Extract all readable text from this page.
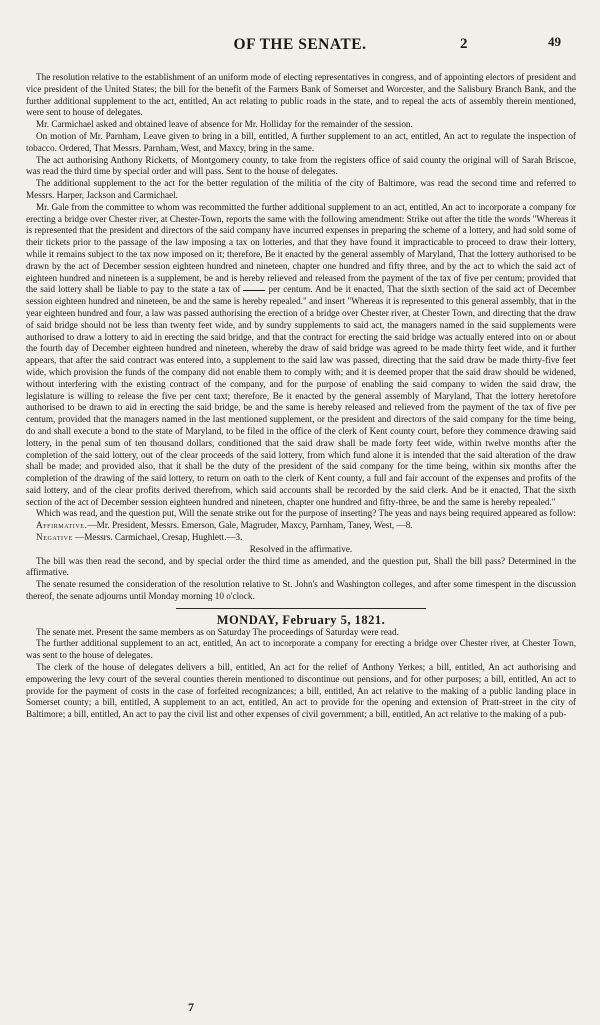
OF THE SENATE.	2	49

The resolution relative to the establishment of an uniform mode of electing representatives in congress, and of appointing electors of president and vice president of the United States; the bill for the benefit of the Farmers Bank of Somerset and Worcester, and the Salisbury Branch Bank, and the further additional supplement to the act, entitled, An act relating to public roads in the state, and to repeal the acts of assembly therein mentioned, were sent to house of delegates.

Mr. Carmichael asked and obtained leave of absence for Mr. Holliday for the remainder of the session.

On motion of Mr. Parnham, Leave given to bring in a bill, entitled, A further supplement to an act, entitled, An act to regulate the inspection of tobacco. Ordered, That Messrs. Parnham, West, and Maxcy, bring in the same.

The act authorising Anthony Ricketts, of Montgomery county, to take from the registers office of said county the original will of Sarah Briscoe, was read the third time by special order and will pass. Sent to the house of delegates.

The additional supplement to the act for the better regulation of the militia of the city of Baltimore, was read the second time and referred to Messrs. Harper, Jackson and Carmichael.

Mr. Gale from the committee to whom was recommitted the further additional supplement to an act, entitled, An act to incorporate a company for erecting a bridge over Chester river, at Chester-Town, reports the same with the following amendment: Strike out after the title the words "Whereas it is represented that the president and directors of the said company have incurred expenses in preparing the scheme of a lottery, and had sold some of their tickets prior to the passage of the law imposing a tax on lotteries, and that they have found it impracticable to proceed to draw their lottery, while it remains subject to the tax now imposed on it; therefore, Be it enacted by the general assembly of Maryland, That the lottery authorised to be drawn by the act of December session eighteen hundred and nineteen, chapter one hundred and fifty three, and by the act to which the said act of eighteen hundred and nineteen is a supplement, be and is hereby relieved and released from the payment of the tax of five per centum; provided that the said lottery shall be liable to pay to the state a tax of	per centum. And be it enacted, That the sixth section of the said act of December session eighteen hundred and nineteen, be and the same is hereby repealed." and insert "Whereas it is represented to this general assembly, that in the year eighteen hundred and four, a law was passed authorising the erection of a bridge over Chester river, at Chester Town, and directing that the draw of said bridge should not be less than twenty feet wide, and by sundry supplements to said act, the managers named in the said supplements were authorised to draw a lottery to aid in erecting the said bridge, and that the contract for erecting the said bridge was actually entered into on or about the fourth day of December eighteen hundred and nineteen, whereby the draw of said bridge was agreed to be made thirty feet wide, and it further appears, that after the said contract was entered into, a supplement to the said law was passed, directing that the said draw be made thirty-five feet wide, which provision the funds of the company did not enable them to comply with; and it is deemed proper that the said draw should be widened, without interfering with the existing contract of the company, and for the purpose of enabling the said company to widen the said draw, the legislature is willing to release the five per cent taxt; therefore, Be it enacted by the general assembly of Maryland, That the lottery heretofore authorised to be drawn to aid in erecting the said bridge, be and the same is hereby released and relieved from the payment of the tax of five per centum, provided that the managers named in the last mentioned supplement, or the president and directors of the said company for the time being, do and shall execute a bond to the state of Maryland, to be filed in the office of the clerk of Kent county court, before they commence drawing said lottery, in the penal sum of ten thousand dollars, conditioned that the said draw shall be made forty feet wide, within twelve months after the completion of the said lottery, out of the clear proceeds of the said lottery, from which fund alone it is intended that the said alteration of the draw shall be made; and provided also, that it shall be the duty of the president of the said company for the time being, within six months after the completion of the drawing of the said lottery, to return on oath to the clerk of Kent county, a full and fair account of the expenses and profits of the said lottery, and of the clear profits derived therefrom, which said accounts shall be recorded by the said clerk. And be it enacted, That the sixth section of the act of December session eighteen hundred and nineteen, chapter one hundred and fifty-three, be and the same is hereby repealed."

Which was read, and the question put, Will the senate strike out for the purpose of inserting? The yeas and nays being required appeared as follow:

Affirmative.—Mr. President, Messrs. Emerson, Gale, Magruder, Maxcy, Parnham, Taney, West, —8.

Negative —Messrs. Carmichael, Cresap, Hughlett.—3.

Resolved in the affirmative.

The bill was then read the second, and by special order the third time as amended, and the question put, Shall the bill pass? Determined in the affirmative.

The senate resumed the consideration of the resolution relative to St. John's and Washington colleges, and after some timespent in the discussion thereof, the senate adjourns until Monday morning 10 o'clock.

MONDAY, February 5, 1821.

The senate met. Present the same members as on Saturday The proceedings of Saturday were read.

The further additional supplement to an act, entitled, An act to incorporate a company for erecting a bridge over Chester river, at Chester Town, was sent to the house of delegates.

The clerk of the house of delegates delivers a bill, entitled, An act for the relief of Anthony Yerkes; a bill, entitled, An act authorising and empowering the levy court of the several counties therein mentioned to discontinue out pensions, and for other purposes; a bill, entitled, An act to provide for the payment of costs in the case of forfeited recognizances; a bill, entitled, An act relative to the making of a public landing place in Somerset county; a bill, entitled, A supplement to an act, entitled, An act to provide for the opening and extension of Pratt-street in the city of Baltimore; a bill, entitled, An act to pay the civil list and other expenses of civil government; a bill, entitled, An act relative to the making of a pub-

7
